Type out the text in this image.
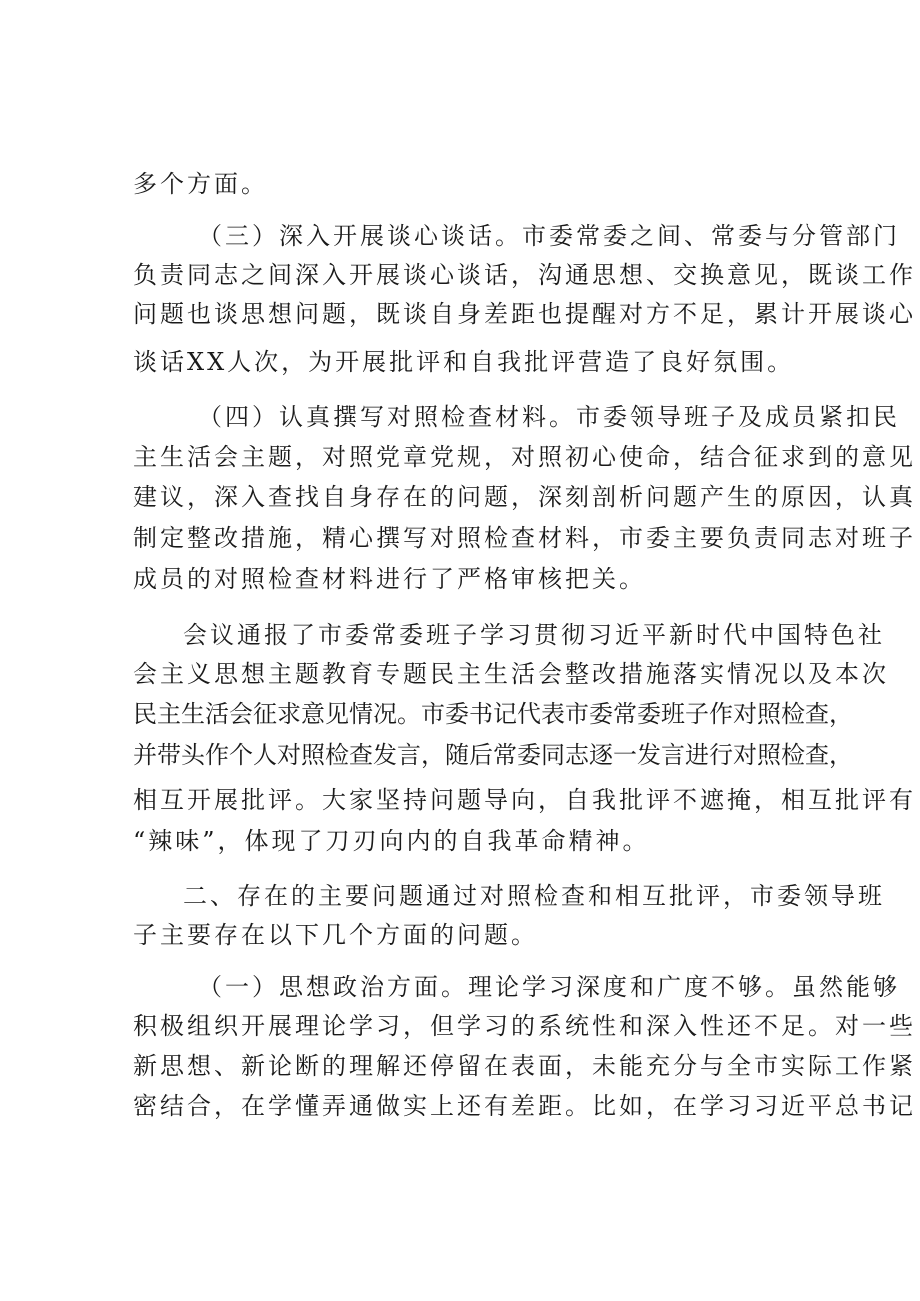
多个方面。
（三）深入开展谈心谈话。市委常委之间、常委与分管部门
负责同志之间深入开展谈心谈话，沟通思想、交换意见，既谈工作
问题也谈思想问题，既谈自身差距也提醒对方不足，累计开展谈心
谈话XX人次，为开展批评和自我批评营造了良好氛围。
（四）认真撰写对照检查材料。市委领导班子及成员紧扣民
主生活会主题，对照党章党规，对照初心使命，结合征求到的意见
建议，深入查找自身存在的问题，深刻剖析问题产生的原因，认真
制定整改措施，精心撰写对照检查材料，市委主要负责同志对班子
成员的对照检查材料进行了严格审核把关。
会议通报了市委常委班子学习贯彻习近平新时代中国特色社
会主义思想主题教育专题民主生活会整改措施落实情况以及本次
民主生活会征求意见情况。市委书记代表市委常委班子作对照检查，
并带头作个人对照检查发言，随后常委同志逐一发言进行对照检查，
相互开展批评。大家坚持问题导向，自我批评不遮掩，相互批评有
“辣味”，体现了刀刃向内的自我革命精神。
二、存在的主要问题通过对照检查和相互批评，市委领导班
子主要存在以下几个方面的问题。
（一）思想政治方面。理论学习深度和广度不够。虽然能够
积极组织开展理论学习，但学习的系统性和深入性还不足。对一些
新思想、新论断的理解还停留在表面，未能充分与全市实际工作紧
密结合，在学懂弄通做实上还有差距。比如，在学习习近平总书记
